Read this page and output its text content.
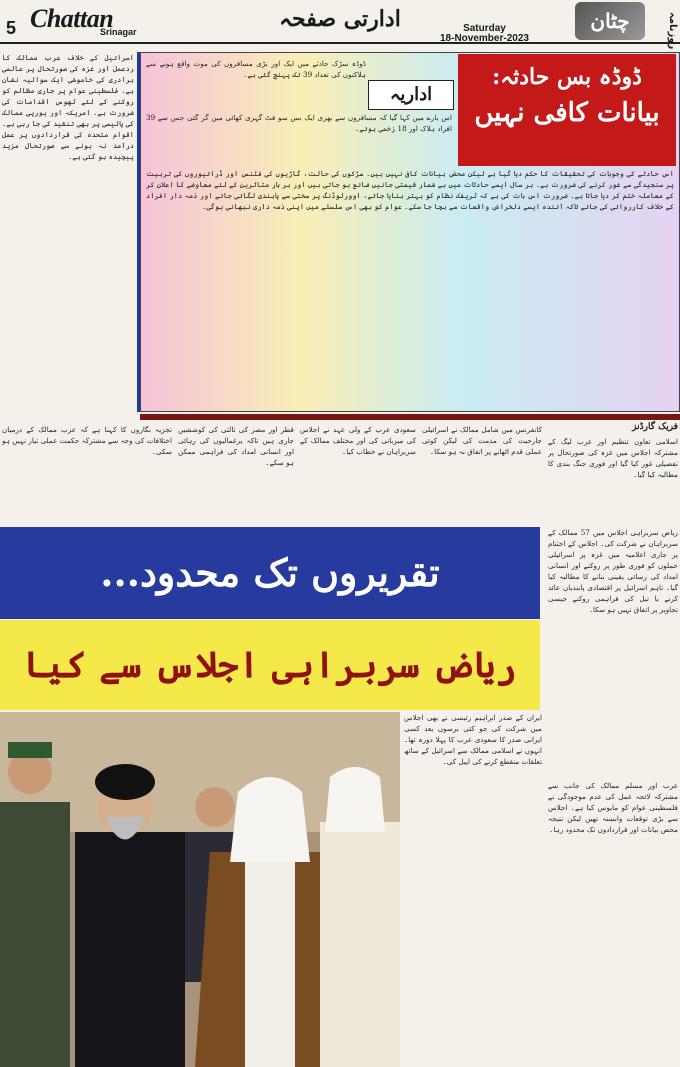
5 Chattan
Srinagar	ادارتی صفحہ	Saturday
18-November-2023
چٹان	روزنامہ

اسرائیل کے خلاف عرب ممالک کا ردعمل اور غزہ کی صورتحال پر عالمی برادری کی خاموشی ایک سوالیہ نشان ہے۔ فلسطینی عوام پر جاری مظالم کو روکنے کے لئے ٹھوس اقدامات کی ضرورت ہے۔ امریکہ اور یورپی ممالک کی پالیسی پر بھی تنقید کی جا رہی ہے۔ اقوام متحدہ کی قراردادوں پر عمل درآمد نہ ہونے سے صورتحال مزید پیچیدہ ہو گئی ہے۔

ڈوڈہ بس حادثہ:
بیانات کافی نہیں
اداریہ

ڈوڈہ سڑک حادثے میں ایک اور بڑی مسافروں کی موت واقع ہونے سے ہلاکتوں کی تعداد 39 تک پہنچ گئی ہے۔

اس بارے میں کہا گیا کہ مسافروں سے بھری ایک بس سو فٹ گہری کھائی میں گر گئی جس سے 39 افراد ہلاک اور 18 زخمی ہوئے۔

اس حادثے کی وجوہات کی تحقیقات کا حکم دیا گیا ہے لیکن محض بیانات کافی نہیں ہیں۔ سڑکوں کی حالت، گاڑیوں کی فٹنس اور ڈرائیوروں کی تربیت پر سنجیدگی سے غور کرنے کی ضرورت ہے۔ ہر سال ایسے حادثات میں بے شمار قیمتی جانیں ضائع ہو جاتی ہیں اور ہر بار متاثرین کے لئے معاوضے کا اعلان کر کے معاملہ ختم کر دیا جاتا ہے۔ ضرورت اس بات کی ہے کہ ٹریفک نظام کو بہتر بنایا جائے، اوورلوڈنگ پر سختی سے پابندی لگائی جائے اور ذمہ دار افراد کے خلاف کارروائی کی جائے تاکہ آئندہ ایسے دلخراش واقعات سے بچا جا سکے۔ عوام کو بھی اس سلسلے میں اپنی ذمہ داری نبھانی ہوگی۔

فریک گارڈنز

اسلامی تعاون تنظیم اور عرب لیگ کے مشترکہ اجلاس میں غزہ کی صورتحال پر تفصیلی غور کیا گیا اور فوری جنگ بندی کا مطالبہ کیا گیا۔

کانفرنس میں شامل ممالک نے اسرائیلی جارحیت کی مذمت کی لیکن کوئی عملی قدم اٹھانے پر اتفاق نہ ہو سکا۔

سعودی عرب کے ولی عہد نے اجلاس کی میزبانی کی اور مختلف ممالک کے سربراہان نے خطاب کیا۔

قطر اور مصر کی ثالثی کی کوششیں جاری ہیں تاکہ یرغمالیوں کی رہائی اور انسانی امداد کی فراہمی ممکن ہو سکے۔

تجزیہ نگاروں کا کہنا ہے کہ عرب ممالک کے درمیان اختلافات کی وجہ سے مشترکہ حکمت عملی تیار نہیں ہو سکی۔

تقریروں تک محدود...
ریاض سربراہی اجلاس سے کیا

ریاض سربراہی اجلاس میں 57 ممالک کے سربراہان نے شرکت کی۔ اجلاس کے اختتام پر جاری اعلامیہ میں غزہ پر اسرائیلی حملوں کو فوری طور پر روکنے اور انسانی امداد کی رسائی یقینی بنانے کا مطالبہ کیا گیا۔ تاہم اسرائیل پر اقتصادی پابندیاں عائد کرنے یا تیل کی فراہمی روکنے جیسی تجاویز پر اتفاق نہیں ہو سکا۔

ایران کے صدر ابراہیم رئیسی نے بھی اجلاس میں شرکت کی جو کئی برسوں بعد کسی ایرانی صدر کا سعودی عرب کا پہلا دورہ تھا۔ انہوں نے اسلامی ممالک سے اسرائیل کے ساتھ تعلقات منقطع کرنے کی اپیل کی۔

عرب اور مسلم ممالک کی جانب سے مشترکہ لائحہ عمل کی عدم موجودگی نے فلسطینی عوام کو مایوس کیا ہے۔ اجلاس سے بڑی توقعات وابستہ تھیں لیکن نتیجہ محض بیانات اور قراردادوں تک محدود رہا۔
